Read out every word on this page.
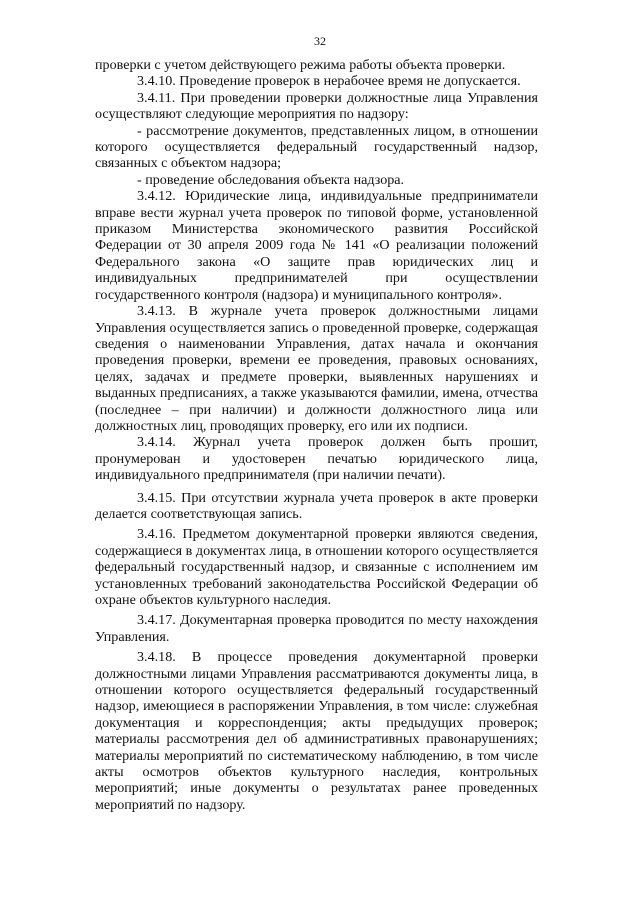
32

проверки с учетом действующего режима работы объекта проверки.

3.4.10. Проведение проверок в нерабочее время не допускается.

3.4.11. При проведении проверки должностные лица Управления осуществляют следующие мероприятия по надзору:

- рассмотрение документов, представленных лицом, в отношении которого осуществляется федеральный государственный надзор, связанных с объектом надзора;

- проведение обследования объекта надзора.

3.4.12. Юридические лица, индивидуальные предприниматели вправе вести журнал учета проверок по типовой форме, установленной приказом Министерства экономического развития Российской Федерации от 30 апреля 2009 года № 141 «О реализации положений Федерального закона «О защите прав юридических лиц и индивидуальных предпринимателей при осуществлении государственного контроля (надзора) и муниципального контроля».

3.4.13. В журнале учета проверок должностными лицами Управления осуществляется запись о проведенной проверке, содержащая сведения о наименовании Управления, датах начала и окончания проведения проверки, времени ее проведения, правовых основаниях, целях, задачах и предмете проверки, выявленных нарушениях и выданных предписаниях, а также указываются фамилии, имена, отчества (последнее – при наличии) и должности должностного лица или должностных лиц, проводящих проверку, его или их подписи.

3.4.14. Журнал учета проверок должен быть прошит, пронумерован и удостоверен печатью юридического лица, индивидуального предпринимателя (при наличии печати).

3.4.15. При отсутствии журнала учета проверок в акте проверки делается соответствующая запись.

3.4.16. Предметом документарной проверки являются сведения, содержащиеся в документах лица, в отношении которого осуществляется федеральный государственный надзор, и связанные с исполнением им установленных требований законодательства Российской Федерации об охране объектов культурного наследия.

3.4.17. Документарная проверка проводится по месту нахождения Управления.

3.4.18. В процессе проведения документарной проверки должностными лицами Управления рассматриваются документы лица, в отношении которого осуществляется федеральный государственный надзор, имеющиеся в распоряжении Управления, в том числе: служебная документация и корреспонденция; акты предыдущих проверок; материалы рассмотрения дел об административных правонарушениях; материалы мероприятий по систематическому наблюдению, в том числе акты осмотров объектов культурного наследия, контрольных мероприятий; иные документы о результатах ранее проведенных мероприятий по надзору.
